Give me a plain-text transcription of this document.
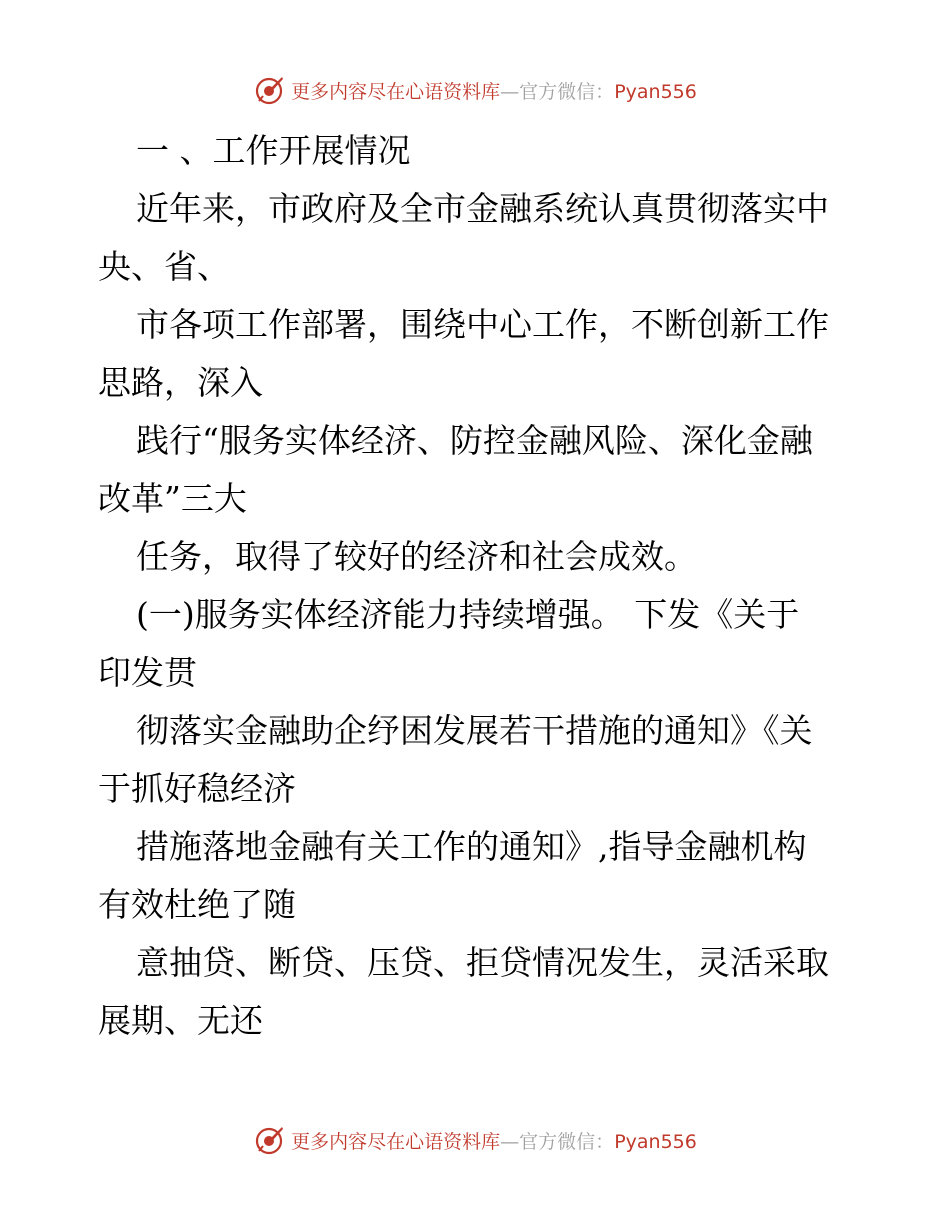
更多内容尽在心语资料库—官方微信：Pyan556
一 、工作开展情况
近年来，市政府及全市金融系统认真贯彻落实中
央、省、
市各项工作部署，围绕中心工作，不断创新工作
思路，深入
践行“服务实体经济、防控金融风险、深化金融
改革”三大
任务，取得了较好的经济和社会成效。
(一)服务实体经济能力持续增强。 下发《关于
印发贯
彻落实金融助企纾困发展若干措施的通知》《关
于抓好稳经济
措施落地金融有关工作的通知》,指导金融机构
有效杜绝了随
意抽贷、断贷、压贷、拒贷情况发生，灵活采取
展期、无还
更多内容尽在心语资料库—官方微信：Pyan556
